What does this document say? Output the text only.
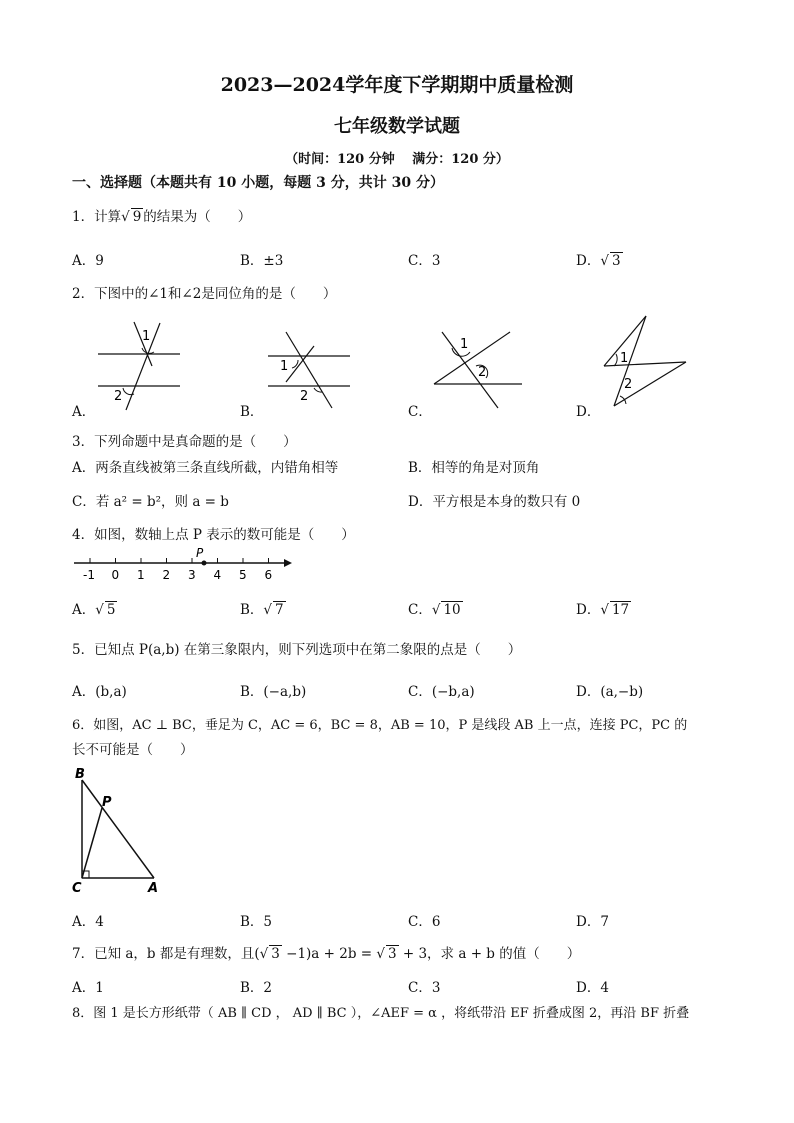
2023—2024学年度下学期期中质量检测
七年级数学试题
（时间：120 分钟　 满分：120 分）
一、选择题（本题共有 10 小题，每题 3 分，共计 30 分）
1．计算√ 9 的结果为（　　）
A．9	B．±3	C．3	D．√ 3
2．下图中的∠1和∠2是同位角的是（　　）
1
2
A．
1
2
B．
1
2
C．
1
2
D．
3．下列命题中是真命题的是（　　）
A．两条直线被第三条直线所截，内错角相等	B．相等的角是对顶角
C．若 a² = b²，则 a = b	D．平方根是本身的数只有 0
4．如图，数轴上点 P 表示的数可能是（　　）
P
-1 0 1 2 3 4 5 6
A．√ 5	B．√ 7	C．√ 10	D．√ 17
5．已知点 P(a,b) 在第三象限内，则下列选项中在第二象限的点是（　　）
A．(b,a)	B．(−a,b)	C．(−b,a)	D．(a,−b)
6．如图，AC ⊥ BC，垂足为 C，AC = 6，BC = 8，AB = 10，P 是线段 AB 上一点，连接 PC，PC 的
长不可能是（　　）
B
P
C	A
A．4	B．5	C．6	D．7
7．已知 a，b 都是有理数，且(√ 3 −1)a + 2b = √ 3 + 3，求 a + b 的值（　　）
A．1	B．2	C．3	D．4
8．图 1 是长方形纸带（ AB ∥ CD ， AD ∥ BC ），∠AEF = α ，将纸带沿 EF 折叠成图 2，再沿 BF 折叠
